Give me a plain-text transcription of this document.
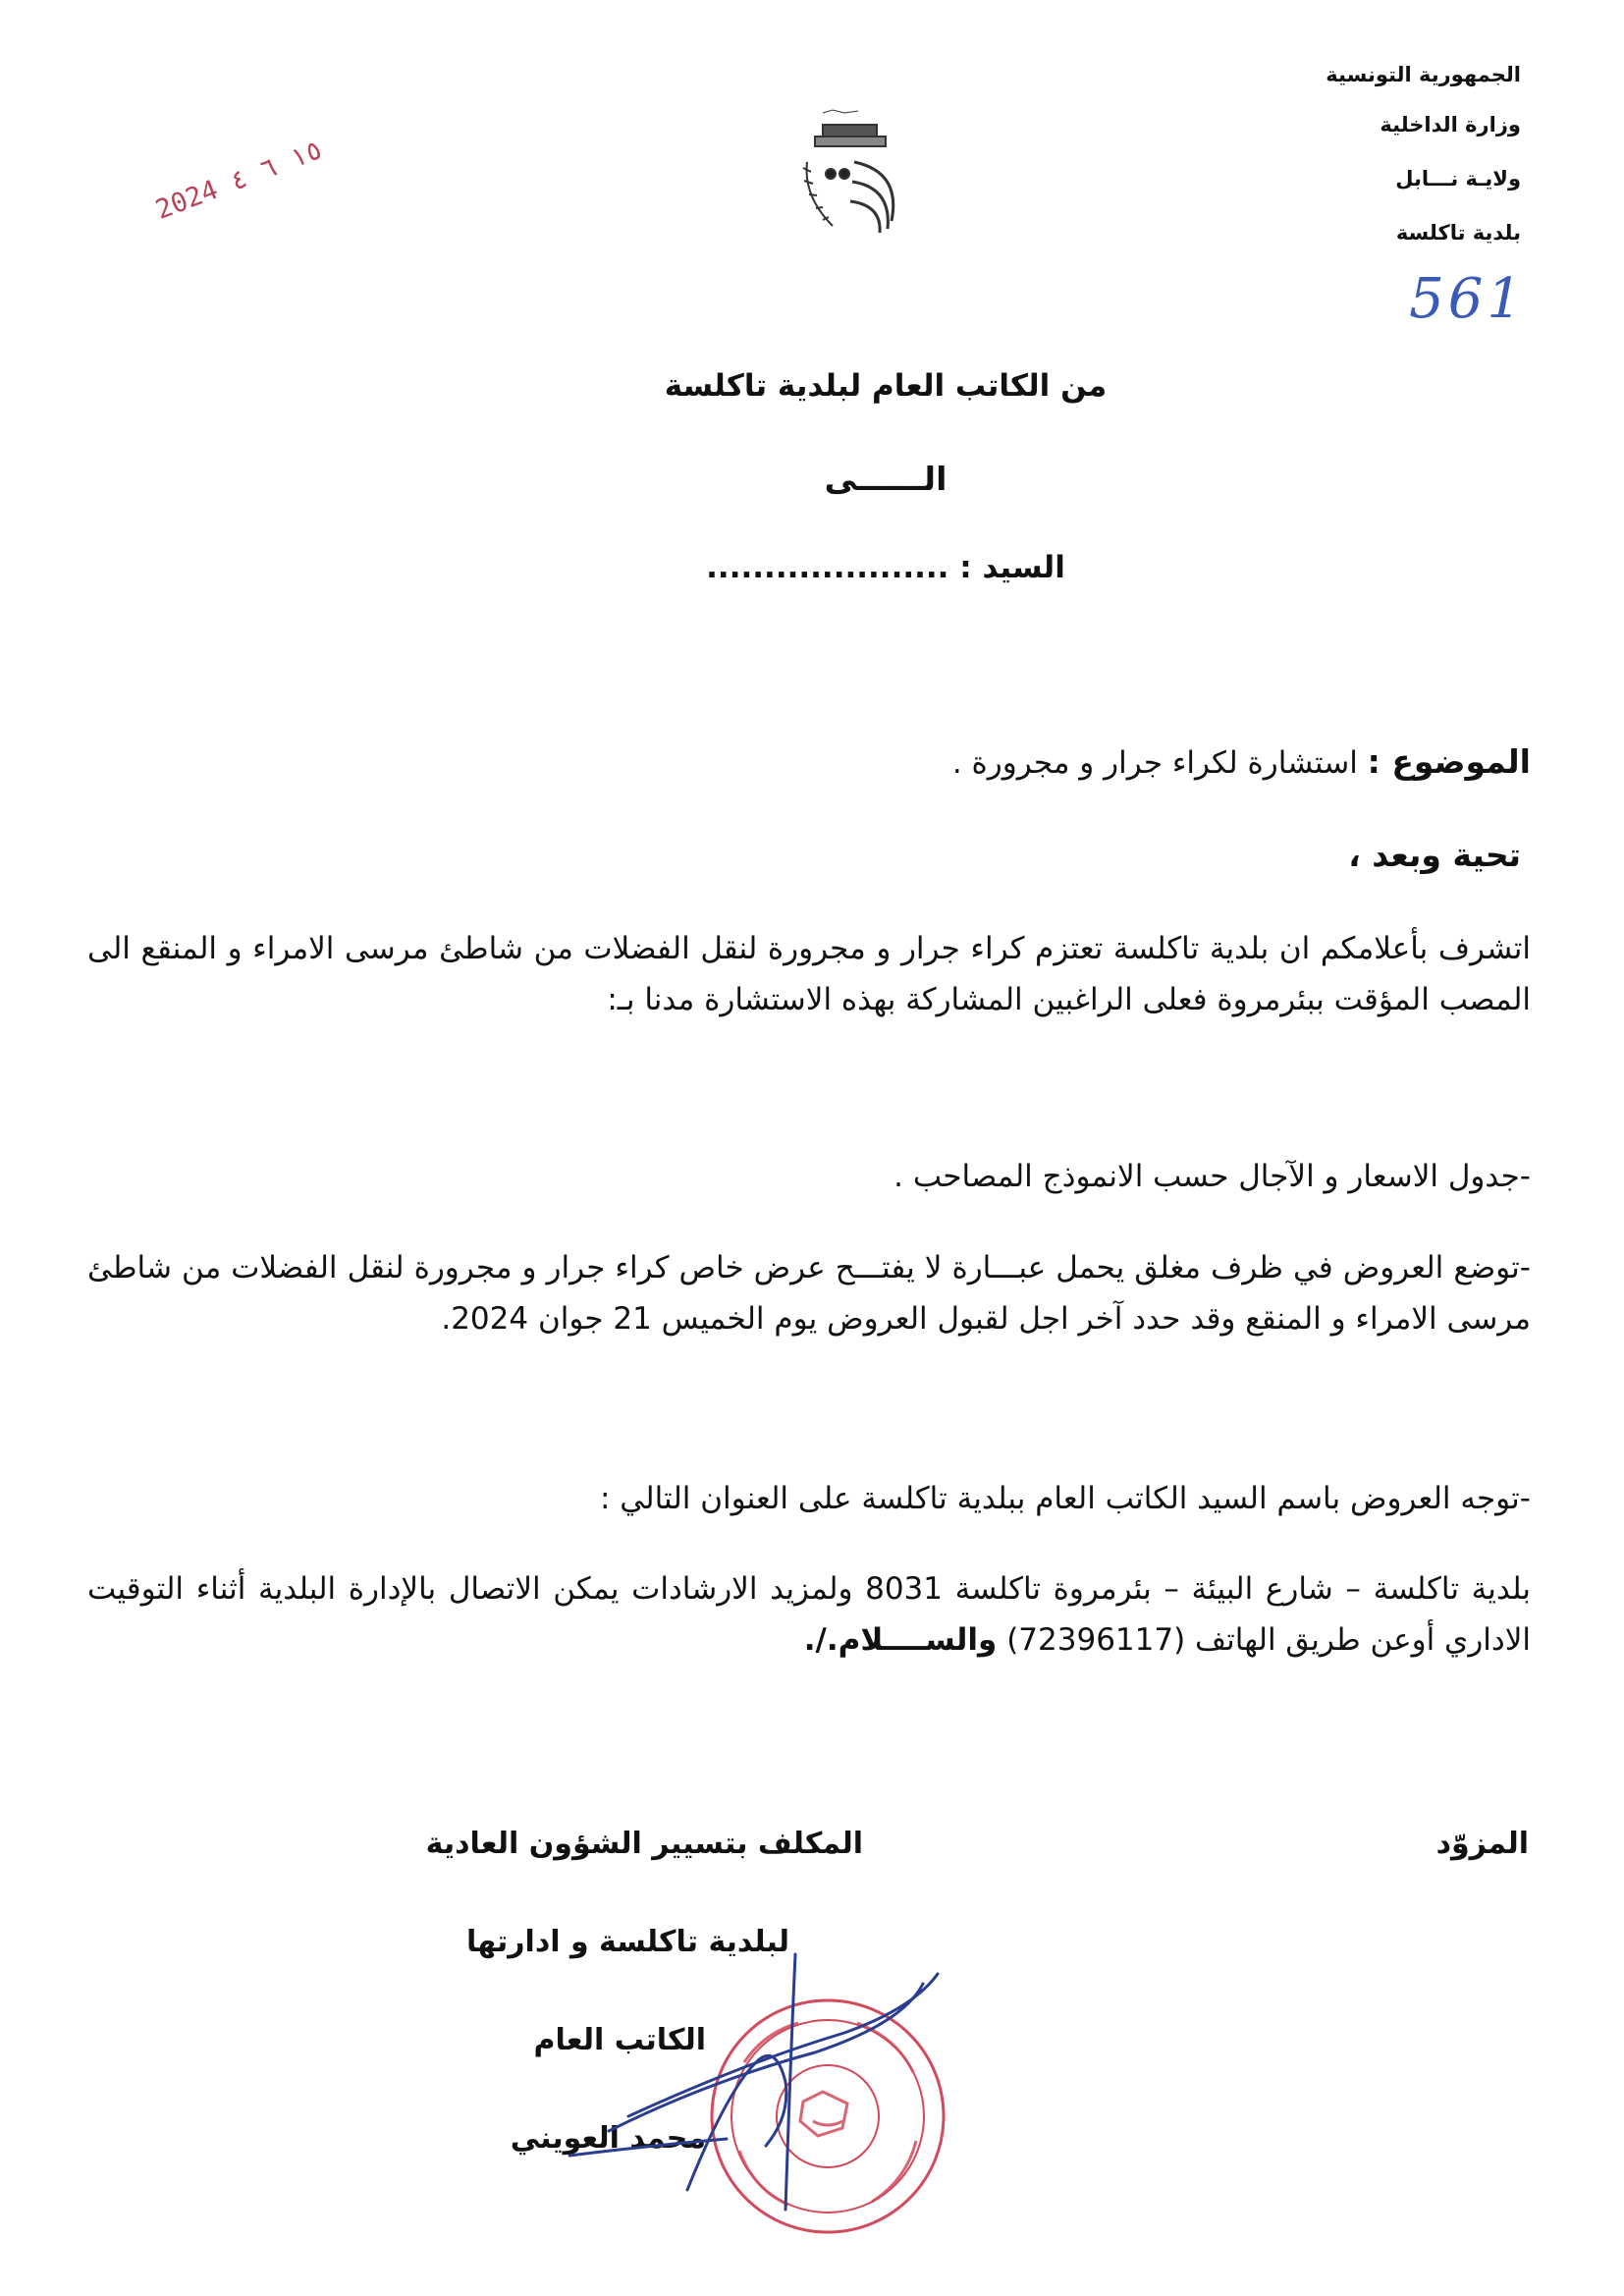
2024 ١٥ ٦ ٤
الجمهورية التونسية
وزارة الداخلية
ولايـة نـــابل
بلدية تاكلسة
561
من الكاتب العام لبلدية تاكلسة
الــــــى
السيد : .....................

الموضوع : استشارة لكراء جرار و مجرورة .

تحية وبعد ،

اتشرف بأعلامكم ان بلدية تاكلسة تعتزم كراء جرار و مجرورة لنقل الفضلات من شاطئ مرسى الامراء و المنقع الى المصب المؤقت ببئرمروة فعلى الراغبين المشاركة بهذه الاستشارة مدنا بـ:

-جدول الاسعار و الآجال حسب الانموذج المصاحب .

-توضع العروض في ظرف مغلق يحمل عبـــارة لا يفتـــح عرض خاص كراء جرار و مجرورة لنقل الفضلات من شاطئ مرسى الامراء و المنقع وقد حدد آخر اجل لقبول العروض يوم الخميس 21 جوان 2024.

-توجه العروض باسم السيد الكاتب العام ببلدية تاكلسة على العنوان التالي :

بلدية تاكلسة – شارع البيئة – بئرمروة تاكلسة 8031 ولمزيد الارشادات يمكن الاتصال بالإدارة البلدية أثناء التوقيت الاداري أوعن طريق الهاتف (72396117) والســــلام./.

المزوّد
المكلف بتسيير الشؤون العادية
لبلدية تاكلسة و ادارتها
الكاتب العام
محمد العويني
